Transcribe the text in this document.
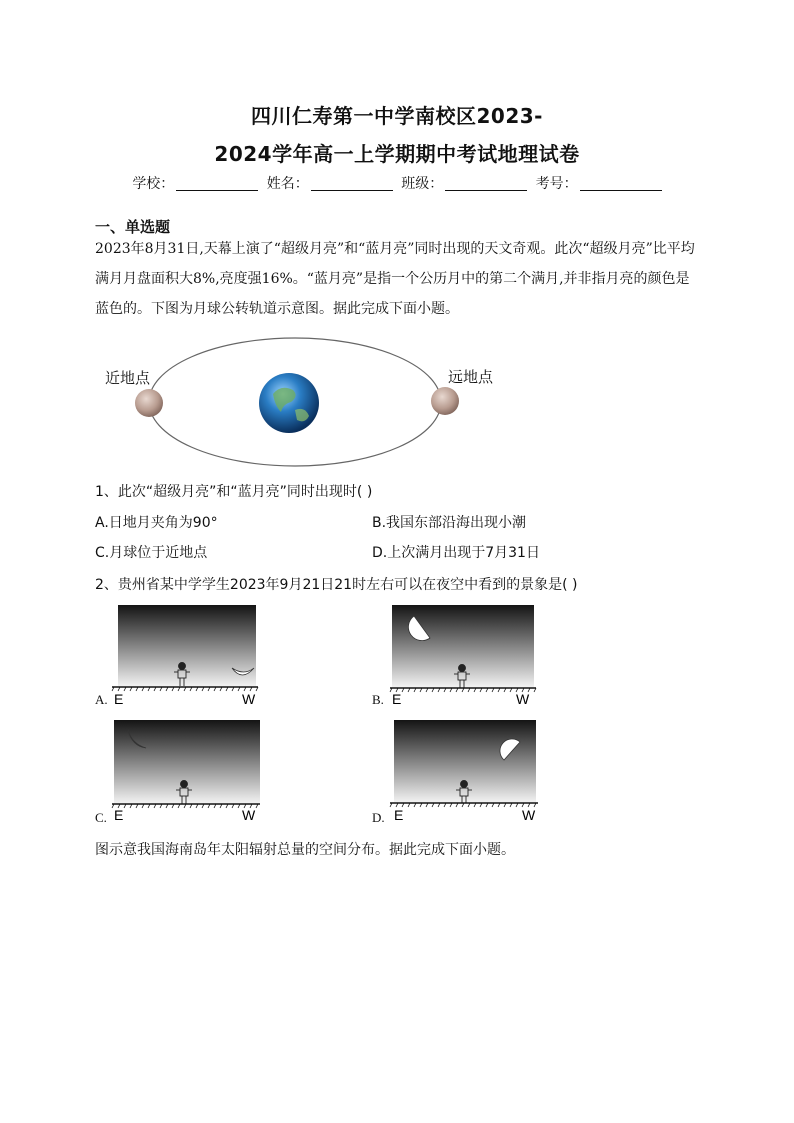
四川仁寿第一中学南校区2023-
2024学年高一上学期期中考试地理试卷
学校：	姓名：	班级：	考号：
一、单选题
2023年8月31日,天幕上演了“超级月亮”和“蓝月亮”同时出现的天文奇观。此次“超级月亮”比平均满月月盘面积大8%,亮度强16%。“蓝月亮”是指一个公历月中的第二个满月,并非指月亮的颜色是蓝色的。下图为月球公转轨道示意图。据此完成下面小题。
近地点	远地点
1、此次“超级月亮”和“蓝月亮”同时出现时( )
A.日地月夹角为90°	B.我国东部沿海出现小潮
C.月球位于近地点	D.上次满月出现于7月31日
2、贵州省某中学学生2023年9月21日21时左右可以在夜空中看到的景象是( )
A. E	W	B. E	W
C. E	W	D. E	W
图示意我国海南岛年太阳辐射总量的空间分布。据此完成下面小题。
